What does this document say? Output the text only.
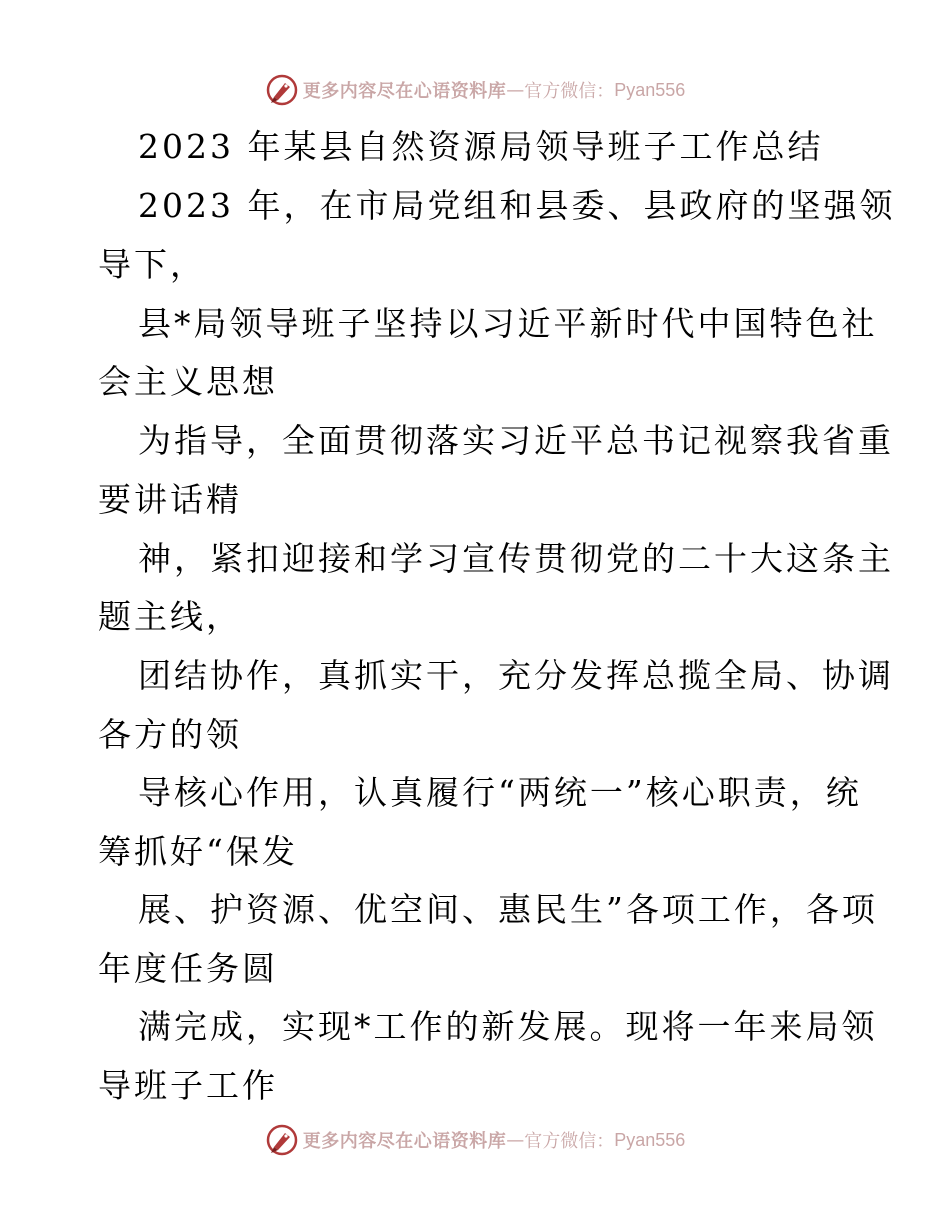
更多内容尽在心语资料库 — 官方微信： Pyan556
2023 年某县自然资源局领导班子工作总结
2023 年，在市局党组和县委、县政府的坚强领
导下，
县*局领导班子坚持以习近平新时代中国特色社
会主义思想
为指导，全面贯彻落实习近平总书记视察我省重
要讲话精
神，紧扣迎接和学习宣传贯彻党的二十大这条主
题主线，
团结协作，真抓实干，充分发挥总揽全局、协调
各方的领
导核心作用，认真履行“两统一”核心职责，统
筹抓好“保发
展、护资源、优空间、惠民生”各项工作，各项
年度任务圆
满完成，实现*工作的新发展。现将一年来局领
导班子工作
更多内容尽在心语资料库 — 官方微信： Pyan556
